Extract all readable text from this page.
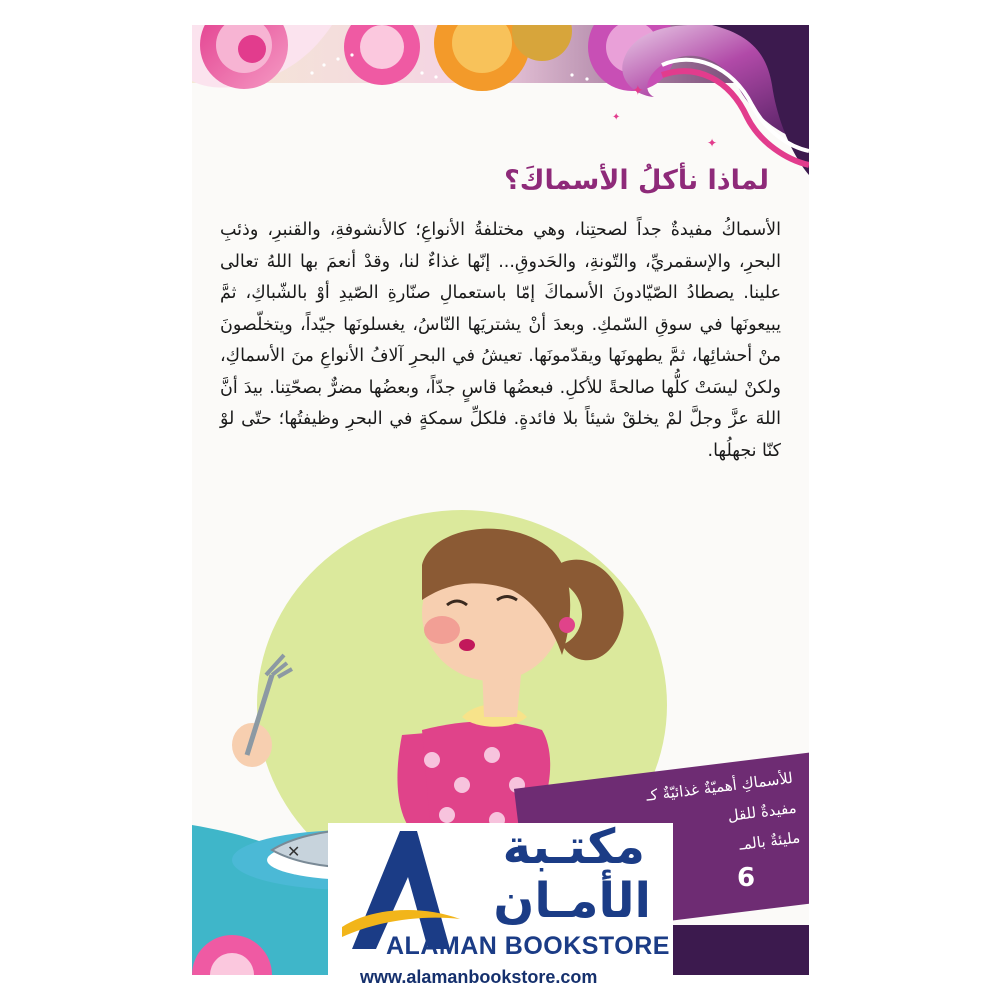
✦
✦
✦
لماذا نأكلُ الأسماكَ؟

الأسماكُ مفيدةٌ جداً لصحتِنا، وهي مختلفةُ الأنواعِ؛ كالأنشوفةِ، والقنبرِ، وذئبِ البحرِ، والإسقمريِّ، والتّونةِ، والحَدوقِ... إنّها غذاءٌ لنا، وقدْ أنعمَ بها اللهُ تعالى علينا. يصطادُ الصّيّادونَ الأسماكَ إمّا باستعمالِ صنّارةِ الصّيدِ أوْ بالشّباكِ، ثمَّ يبيعونَها في سوقِ السّمكِ. وبعدَ أنْ يشتريَها النّاسُ، يغسلونَها جيّداً، ويتخلّصونَ منْ أحشائِها، ثمَّ يطهونَها ويقدّمونَها. تعيشُ في البحرِ آلافُ الأنواعِ منَ الأسماكِ، ولكنْ ليسَتْ كلُّها صالحةً للأكلِ. فبعضُها قاسٍ جدّاً، وبعضُها مضرٌّ بصحّتِنا. بيدَ أنَّ اللهَ عزَّ وجلَّ لمْ يخلقْ شيئاً بلا فائدةٍ. فلكلِّ سمكةٍ في البحرِ وظيفتُها؛ حتّى لوْ كنّا نجهلُها.

✕
للأسماكِ أهميّةٌ غذائيّةٌ كـ
مفيدةٌ للقل
مليئةٌ بالمـ
6
مكتـبة
الأمـان
ALAMAN BOOKSTORE
www.alamanbookstore.com
